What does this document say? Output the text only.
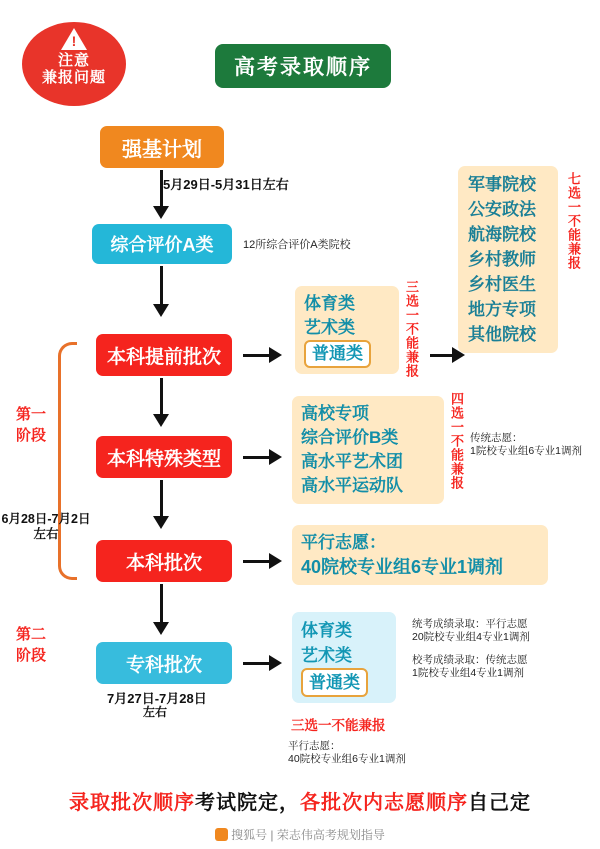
!
注意
兼报问题	高考录取顺序
强基计划
5月29日-5月31日左右
综合评价A类	12所综合评价A类院校
本科提前批次
本科特殊类型
本科批次
专科批次
7月27日-7月28日
左右
第一阶段
6月28日-7月2日
左右
第二阶段
体育类
艺术类
普通类	三选一不能兼报
军事院校
公安政法
航海院校
乡村教师
乡村医生
地方专项
其他院校
七选一不能兼报
高校专项
综合评价B类
高水平艺术团
高水平运动队	四选一不能兼报 传统志愿：
1院校专业组6专业1调剂
平行志愿：
40院校专业组6专业1调剂
体育类
艺术类
普通类
三选一不能兼报
统考成绩录取：平行志愿
20院校专业组4专业1调剂
校考成绩录取：传统志愿
1院校专业组4专业1调剂
平行志愿：
40院校专业组6专业1调剂
录取批次顺序考试院定，各批次内志愿顺序自己定
搜狐号 | 荣志伟高考规划指导
